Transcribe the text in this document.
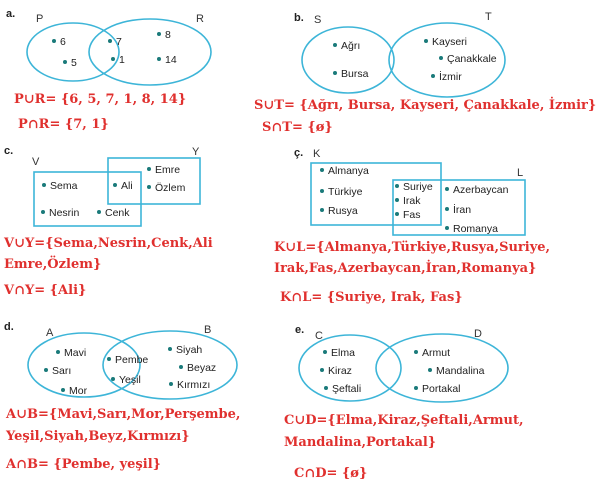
a. P	R
6
5
7
1
8
14
P∪R= {6, 5, 7, 1, 8, 14}
P∩R= {7, 1}
b. S	T
Ağrı
Bursa
Kayseri
Çanakkale
İzmir
S∪T= {Ağrı, Bursa, Kayseri, Çanakkale, İzmir}
S∩T= {ø}
c.
V
Y
Sema
Nesrin	Cenk
Ali
Emre
Özlem
V∪Y={Sema,Nesrin,Cenk,Ali
Emre,Özlem}
V∩Y= {Ali}
ç. K
L
Almanya
Türkiye
Rusya
Suriye
Irak
Fas
Azerbaycan
İran
Romanya
K∪L={Almanya,Türkiye,Rusya,Suriye,
Irak,Fas,Azerbaycan,İran,Romanya}
K∩L= {Suriye, Irak, Fas}
d.	A	B
Mavi
Sarı
Mor
Pembe
Yeşil
Siyah
Beyaz
Kırmızı
A∪B={Mavi,Sarı,Mor,Perşembe,
Yeşil,Siyah,Beyz,Kırmızı}
A∩B= {Pembe, yeşil}
e. C	D
Elma
Kiraz
Şeftali
Armut
Mandalina
Portakal
C∪D={Elma,Kiraz,Şeftali,Armut,
Mandalina,Portakal}
C∩D= {ø}
